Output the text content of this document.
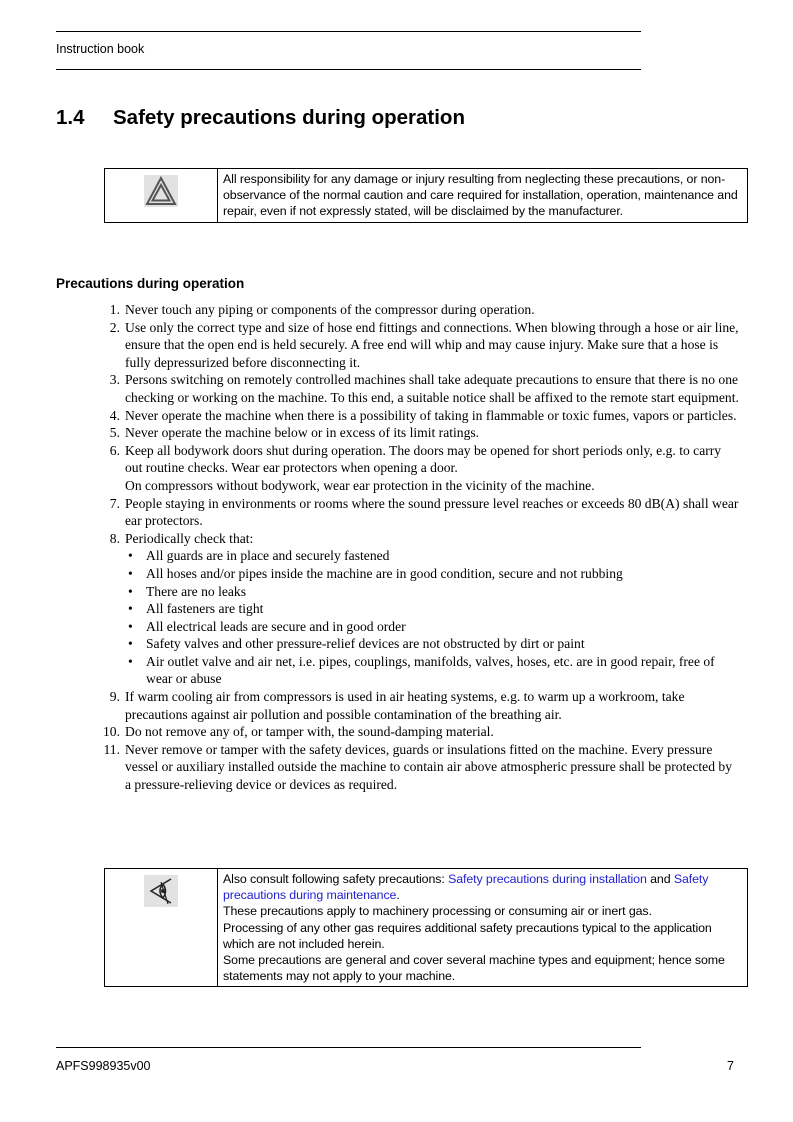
Instruction book
1.4 Safety precautions during operation
All responsibility for any damage or injury resulting from neglecting these precautions, or non-observance of the normal caution and care required for installation, operation, maintenance and repair, even if not expressly stated, will be disclaimed by the manufacturer.
Precautions during operation
1. Never touch any piping or components of the compressor during operation.
2. Use only the correct type and size of hose end fittings and connections. When blowing through a hose or air line, ensure that the open end is held securely. A free end will whip and may cause injury. Make sure that a hose is fully depressurized before disconnecting it.
3. Persons switching on remotely controlled machines shall take adequate precautions to ensure that there is no one checking or working on the machine. To this end, a suitable notice shall be affixed to the remote start equipment.
4. Never operate the machine when there is a possibility of taking in flammable or toxic fumes, vapors or particles.
5. Never operate the machine below or in excess of its limit ratings.
6. Keep all bodywork doors shut during operation. The doors may be opened for short periods only, e.g. to carry out routine checks. Wear ear protectors when opening a door.
On compressors without bodywork, wear ear protection in the vicinity of the machine.
7. People staying in environments or rooms where the sound pressure level reaches or exceeds 80 dB(A) shall wear ear protectors.
8. Periodically check that:
• All guards are in place and securely fastened
• All hoses and/or pipes inside the machine are in good condition, secure and not rubbing
• There are no leaks
• All fasteners are tight
• All electrical leads are secure and in good order
• Safety valves and other pressure-relief devices are not obstructed by dirt or paint
• Air outlet valve and air net, i.e. pipes, couplings, manifolds, valves, hoses, etc. are in good repair, free of wear or abuse
9. If warm cooling air from compressors is used in air heating systems, e.g. to warm up a workroom, take precautions against air pollution and possible contamination of the breathing air.
10. Do not remove any of, or tamper with, the sound-damping material.
11. Never remove or tamper with the safety devices, guards or insulations fitted on the machine. Every pressure vessel or auxiliary installed outside the machine to contain air above atmospheric pressure shall be protected by a pressure-relieving device or devices as required.
Also consult following safety precautions: Safety precautions during installation and Safety precautions during maintenance.
These precautions apply to machinery processing or consuming air or inert gas.
Processing of any other gas requires additional safety precautions typical to the application which are not included herein.
Some precautions are general and cover several machine types and equipment; hence some statements may not apply to your machine.
APFS998935v00	7
